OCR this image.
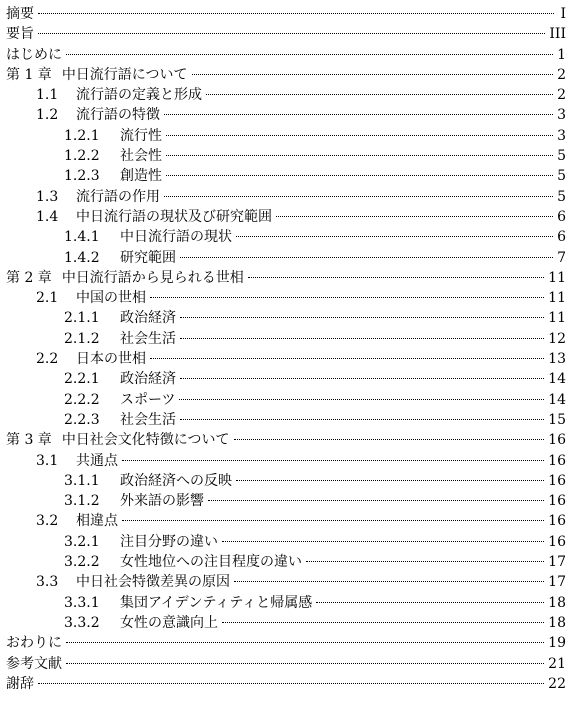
摘要	I
要旨	III
はじめに	1
第 1 章 中日流行語について	2
1.1 流行語の定義と形成	2
1.2 流行語の特徴	3
1.2.1 流行性	3
1.2.2 社会性	5
1.2.3 創造性	5
1.3 流行語の作用	5
1.4 中日流行語の現状及び研究範囲	6
1.4.1 中日流行語の現状	6
1.4.2 研究範囲	7
第 2 章 中日流行語から見られる世相	11
2.1 中国の世相	11
2.1.1 政治経済	11
2.1.2 社会生活	12
2.2 日本の世相	13
2.2.1 政治経済	14
2.2.2 スポーツ	14
2.2.3 社会生活	15
第 3 章 中日社会文化特徴について	16
3.1 共通点	16
3.1.1 政治経済への反映	16
3.1.2 外来語の影響	16
3.2 相違点	16
3.2.1 注目分野の違い	16
3.2.2 女性地位への注目程度の違い	17
3.3 中日社会特徴差異の原因	17
3.3.1 集団アイデンティティと帰属感	18
3.3.2 女性の意識向上	18
おわりに	19
参考文献	21
謝辞	22
